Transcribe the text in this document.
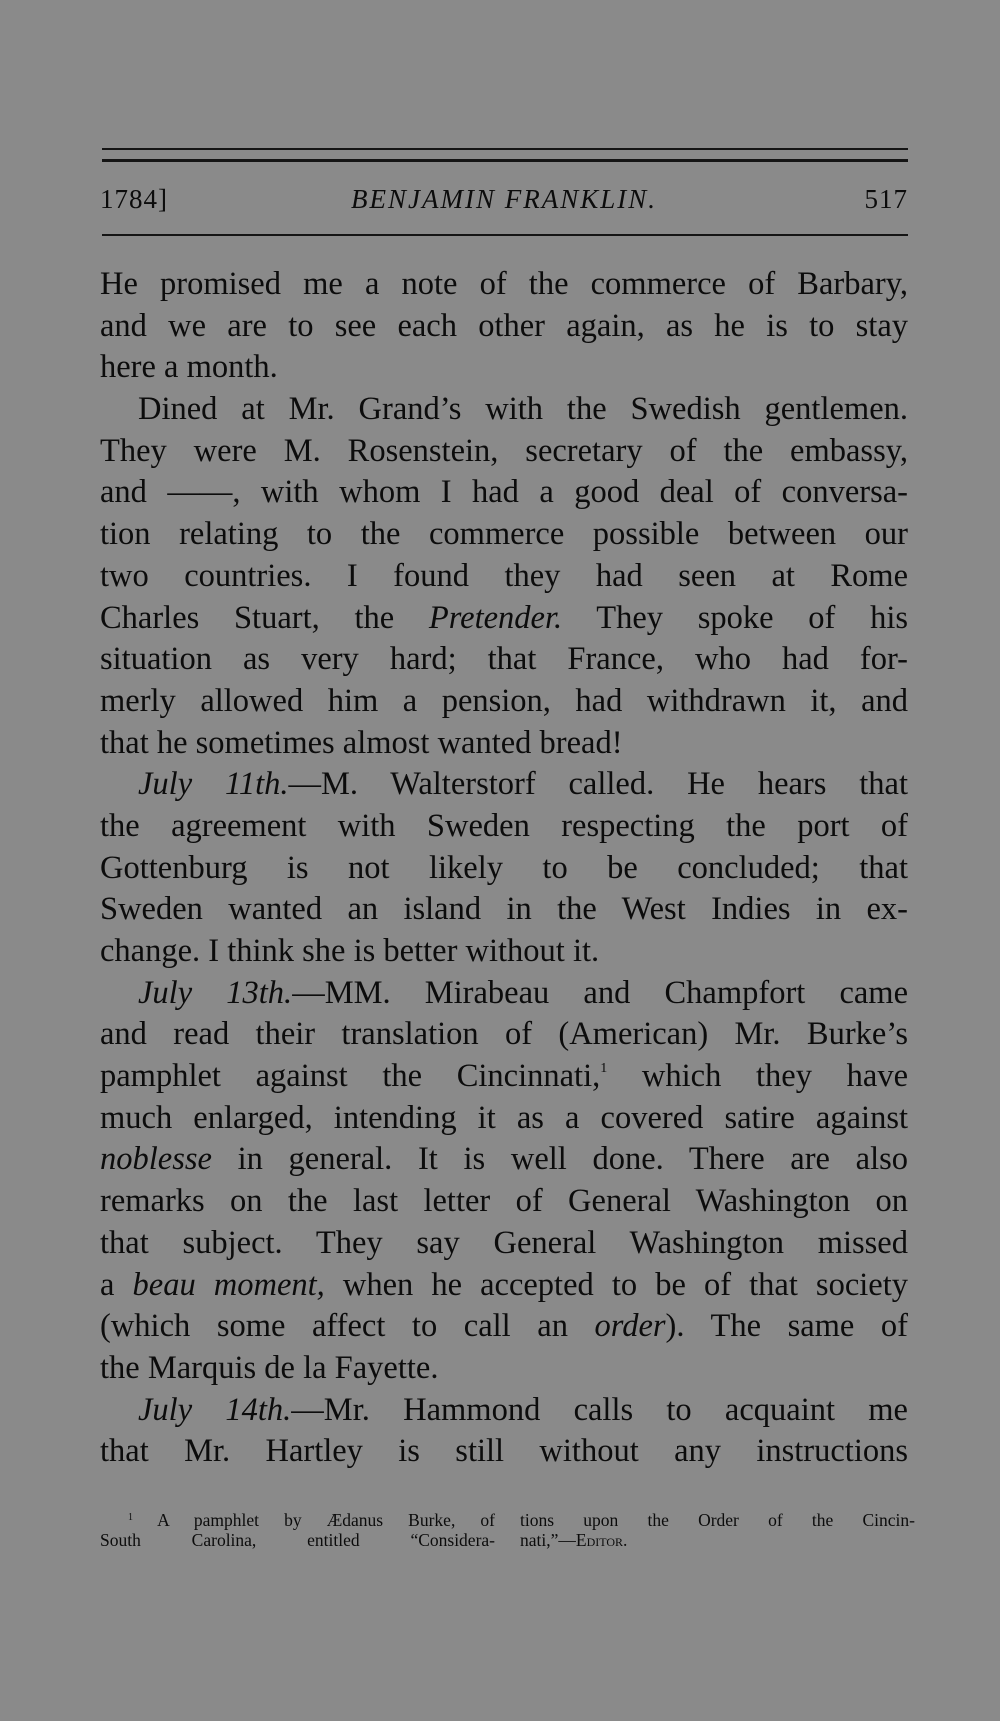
1784]	BENJAMIN FRANKLIN.	517
He promised me a note of the commerce of Barbary,
and we are to see each other again, as he is to stay
here a month.
Dined at Mr. Grand’s with the Swedish gentlemen.
They were M. Rosenstein, secretary of the embassy,
and ——, with whom I had a good deal of conversa-
tion relating to the commerce possible between our
two countries. I found they had seen at Rome
Charles Stuart, the Pretender. They spoke of his
situation as very hard; that France, who had for-
merly allowed him a pension, had withdrawn it, and
that he sometimes almost wanted bread!
July 11th.—M. Walterstorf called. He hears that
the agreement with Sweden respecting the port of
Gottenburg is not likely to be concluded; that
Sweden wanted an island in the West Indies in ex-
change. I think she is better without it.
July 13th.—MM. Mirabeau and Champfort came
and read their translation of (American) Mr. Burke’s
pamphlet against the Cincinnati,$^1$ which they have
much enlarged, intending it as a covered satire against
noblesse in general. It is well done. There are also
remarks on the last letter of General Washington on
that subject. They say General Washington missed
a beau moment, when he accepted to be of that society
(which some affect to call an order). The same of
the Marquis de la Fayette.
July 14th.—Mr. Hammond calls to acquaint me
that Mr. Hartley is still without any instructions
$^1$ A pamphlet by Ædanus Burke, of
South Carolina, entitled “Considera-
tions upon the Order of the Cincin-
nati,”—Editor.
